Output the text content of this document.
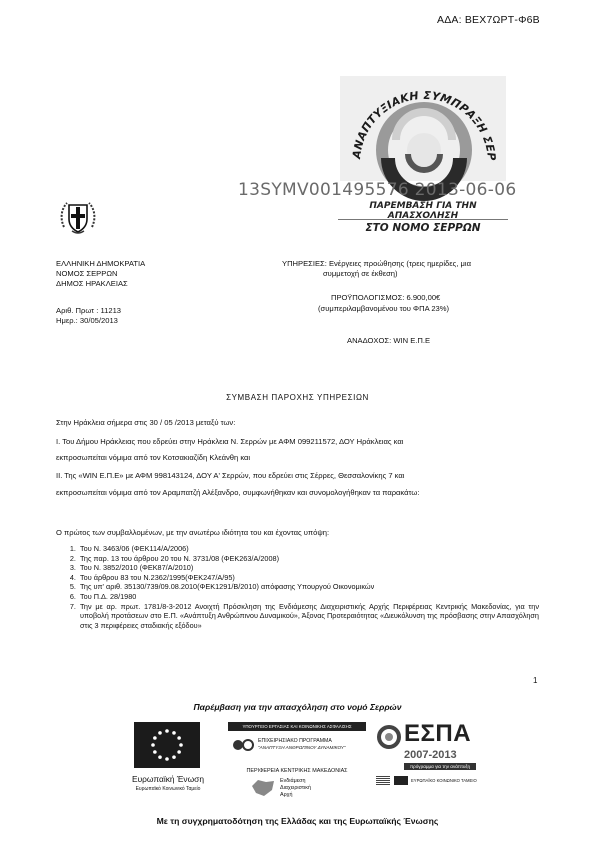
ΑΔΑ: ΒΕΧ7ΩΡΤ-Φ6Β
ΑΝΑΠΤΥΞΙΑΚΗ ΣΥΜΠΡΑΞΗ ΣΕΡ
ΠΑΡΕΜΒΑΣΗ ΓΙΑ ΤΗΝ ΑΠΑΣΧΟΛΗΣΗ
ΣΤΟ ΝΟΜΟ ΣΕΡΡΩΝ
13SYMV001495576 2013-06-06
ΕΛΛΗΝΙΚΗ ΔΗΜΟΚΡΑΤΙΑ
ΝΟΜΟΣ ΣΕΡΡΩΝ
ΔΗΜΟΣ ΗΡΑΚΛΕΙΑΣ
Αριθ. Πρωτ : 11213
Ημερ.: 30/05/2013
ΥΠΗΡΕΣΙΕΣ: Ενέργειες προώθησης (τρεις ημερίδες, μια
συμμετοχή σε έκθεση)
ΠΡΟΫΠΟΛΟΓΙΣΜΟΣ: 6.900,00€
(συμπεριλαμβανομένου του ΦΠΑ 23%)
ΑΝΑΔΟΧΟΣ: WIN E.Π.Ε
ΣΥΜΒΑΣΗ ΠΑΡΟΧΗΣ ΥΠΗΡΕΣΙΩΝ
Στην Ηράκλεια σήμερα στις 30 / 05 /2013 μεταξύ των:
Ι. Του Δήμου Ηράκλειας που εδρεύει στην Ηράκλεια Ν. Σερρών με ΑΦΜ 099211572, ΔΟΥ Ηράκλειας και
εκπροσωπείται νόμιμα από τον Κοτσακιαζίδη Κλεάνθη και
ΙΙ. Της «WIN E.Π.Ε» με ΑΦΜ 998143124, ΔΟΥ Α' Σερρών, που εδρεύει στις Σέρρες, Θεσσαλονίκης 7 και
εκπροσωπείται νόμιμα από τον Αραμπατζή Αλέξανδρο, συμφωνήθηκαν και συνομολογήθηκαν τα παρακάτω:
Ο πρώτος των συμβαλλομένων, με την ανωτέρω ιδιότητα του και έχοντας υπόψη:
1. Του Ν. 3463/06 (ΦΕΚ114/Α/2006)
2. Της παρ. 13 του άρθρου 20 του Ν. 3731/08 (ΦΕΚ263/Α/2008)
3. Του Ν. 3852/2010 (ΦΕΚ87/Α/2010)
4. Του άρθρου 83 του Ν.2362/1995(ΦΕΚ247/Α/95)
5. Της υπ' αριθ. 35130/739/09.08.2010(ΦΕΚ1291/Β/2010) απόφασης Υπουργού Οικονομικών
6. Του Π.Δ. 28/1980
7. Την με αρ. πρωτ. 1781/8-3-2012 Ανοιχτή Πρόσκληση της Ενδιάμεσης Διαχειριστικής Αρχής Περιφέρειας Κεντρικής Μακεδονίας, για την υποβολή προτάσεων στο Ε.Π. «Ανάπτυξη Ανθρώπινου Δυναμικού», Άξονας Προτεραιότητας «Διευκόλυνση της πρόσβασης στην Απασχόληση στις 3 περιφέρειες σταδιακής εξόδου»
1
Παρέμβαση για την απασχόληση στο νομό Σερρών
Ευρωπαϊκή Ένωση
Ευρωπαϊκό Κοινωνικό Ταμείο
ΥΠΟΥΡΓΕΙΟ ΕΡΓΑΣΙΑΣ ΚΑΙ ΚΟΙΝΩΝΙΚΗΣ ΑΣΦΑΛΙΣΗΣ
ΕΠΙΧΕΙΡΗΣΙΑΚΟ ΠΡΟΓΡΑΜΜΑ
"ΑΝΑΠΤΥΞΗ ΑΝΘΡΩΠΙΝΟΥ ΔΥΝΑΜΙΚΟΥ"
ΠΕΡΙΦΕΡΕΙΑ ΚΕΝΤΡΙΚΗΣ ΜΑΚΕΔΟΝΙΑΣ
Ενδιάμεση
Διαχειριστική
Αρχή
ΕΣΠΑ
2007-2013
πρόγραμμα για την ανάπτυξη
ΕΥΡΩΠΑΪΚΟ ΚΟΙΝΩΝΙΚΟ ΤΑΜΕΙΟ
Με τη συγχρηματοδότηση της Ελλάδας και της Ευρωπαϊκής Ένωσης
